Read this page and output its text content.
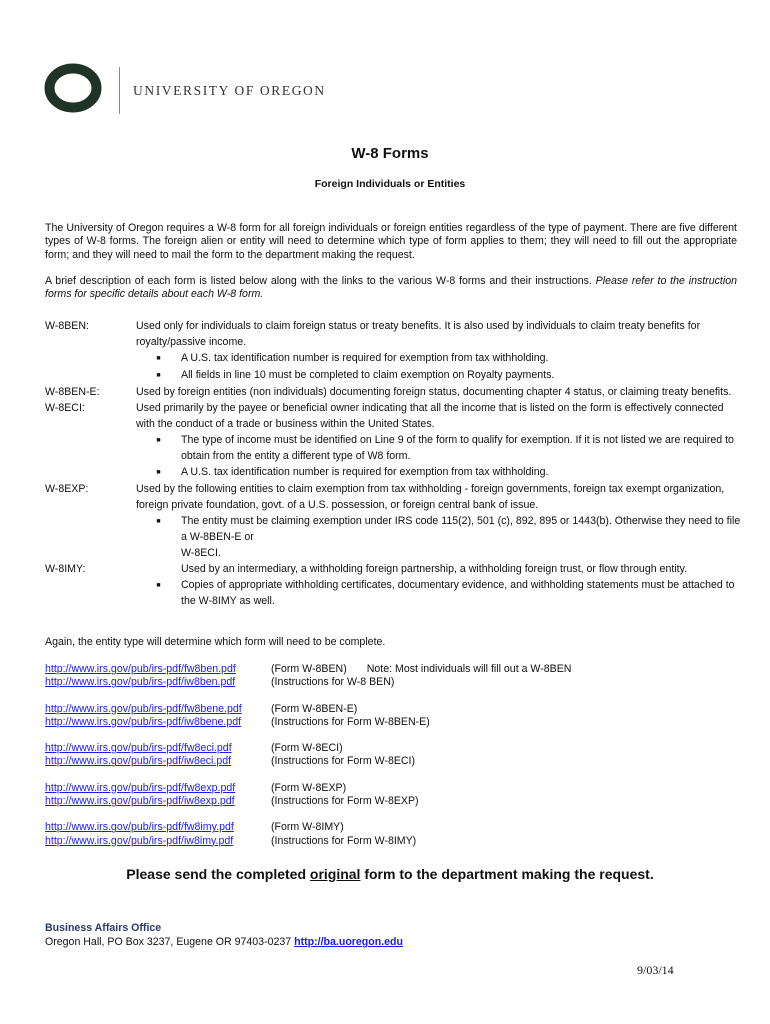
UNIVERSITY OF OREGON
W-8 Forms
Foreign Individuals or Entities

The University of Oregon requires a W-8 form for all foreign individuals or foreign entities regardless of the type of payment. There are five different types of W-8 forms. The foreign alien or entity will need to determine which type of form applies to them; they will need to fill out the appropriate form; and they will need to mail the form to the department making the request.

A brief description of each form is listed below along with the links to the various W-8 forms and their instructions. Please refer to the instruction forms for specific details about each W-8 form.

W-8BEN:	Used only for individuals to claim foreign status or treaty benefits. It is also used by individuals to claim treaty benefits for royalty/passive income.
■	A U.S. tax identification number is required for exemption from tax withholding.
■	All fields in line 10 must be completed to claim exemption on Royalty payments.
W-8BEN-E:	Used by foreign entities (non individuals) documenting foreign status, documenting chapter 4 status, or claiming treaty benefits.
W-8ECI:	Used primarily by the payee or beneficial owner indicating that all the income that is listed on the form is effectively connected with the conduct of a trade or business within the United States.
■	The type of income must be identified on Line 9 of the form to qualify for exemption. If it is not listed we are required to obtain from the entity a different type of W8 form.
■	A U.S. tax identification number is required for exemption from tax withholding.
W-8EXP:	Used by the following entities to claim exemption from tax withholding - foreign governments, foreign tax exempt organization, foreign private foundation, govt. of a U.S. possession, or foreign central bank of issue.
■	The entity must be claiming exemption under IRS code 115(2), 501 (c), 892, 895 or 1443(b). Otherwise they need to file a W-8BEN-E or
W-8ECI.
W-8IMY:	Used by an intermediary, a withholding foreign partnership, a withholding foreign trust, or flow through entity.
■	Copies of appropriate withholding certificates, documentary evidence, and withholding statements must be attached to the W-8IMY as well.
Again, the entity type will determine which form will need to be complete.
http://www.irs.gov/pub/irs-pdf/fw8ben.pdf	(Form W-8BEN) Note: Most individuals will fill out a W-8BEN
http://www.irs.gov/pub/irs-pdf/iw8ben.pdf	(Instructions for W-8 BEN)
http://www.irs.gov/pub/irs-pdf/fw8bene.pdf	(Form W-8BEN-E)
http://www.irs.gov/pub/irs-pdf/iw8bene.pdf	(Instructions for Form W-8BEN-E)
http://www.irs.gov/pub/irs-pdf/fw8eci.pdf	(Form W-8ECI)
http://www.irs.gov/pub/irs-pdf/iw8eci.pdf	(Instructions for Form W-8ECI)
http://www.irs.gov/pub/irs-pdf/fw8exp.pdf	(Form W-8EXP)
http://www.irs.gov/pub/irs-pdf/iw8exp.pdf	(Instructions for Form W-8EXP)
http://www.irs.gov/pub/irs-pdf/fw8imy.pdf	(Form W-8IMY)
http://www.irs.gov/pub/irs-pdf/iw8imy.pdf	(Instructions for Form W-8IMY)
Please send the completed original form to the department making the request.
Business Affairs Office
Oregon Hall, PO Box 3237, Eugene OR 97403-0237 http://ba.uoregon.edu
9/03/14
